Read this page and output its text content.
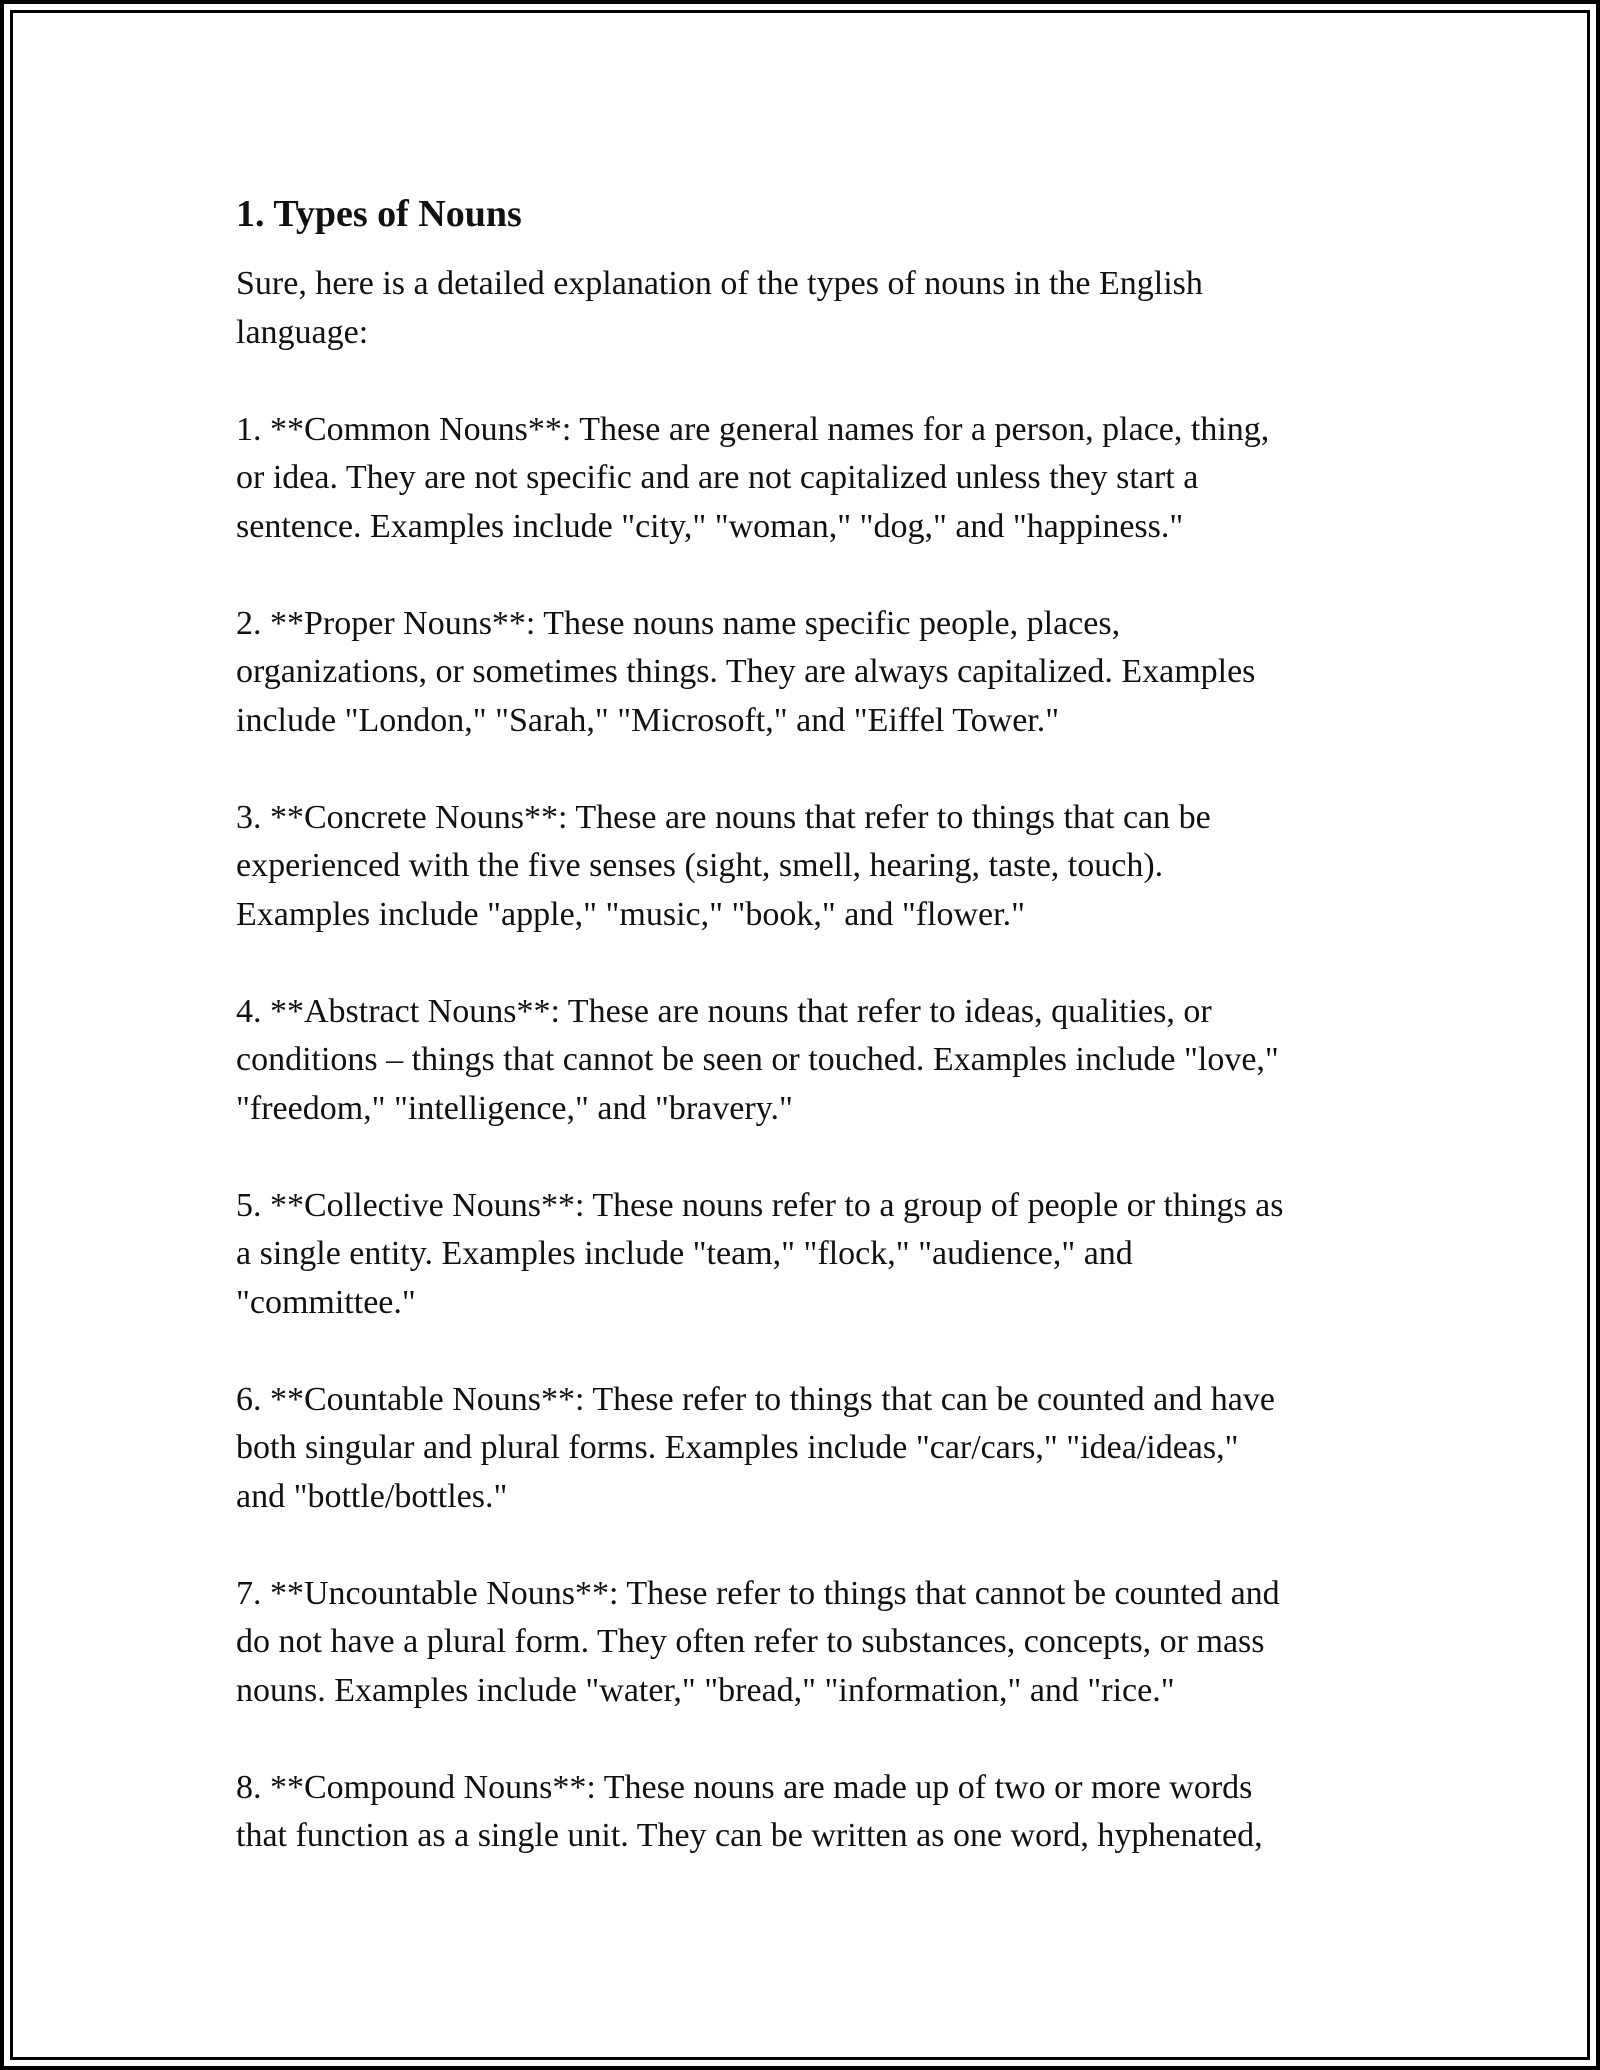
1. Types of Nouns

Sure, here is a detailed explanation of the types of nouns in the English
language:

1. **Common Nouns**: These are general names for a person, place, thing,
or idea. They are not specific and are not capitalized unless they start a
sentence. Examples include "city," "woman," "dog," and "happiness."

2. **Proper Nouns**: These nouns name specific people, places,
organizations, or sometimes things. They are always capitalized. Examples
include "London," "Sarah," "Microsoft," and "Eiffel Tower."

3. **Concrete Nouns**: These are nouns that refer to things that can be
experienced with the five senses (sight, smell, hearing, taste, touch).
Examples include "apple," "music," "book," and "flower."

4. **Abstract Nouns**: These are nouns that refer to ideas, qualities, or
conditions – things that cannot be seen or touched. Examples include "love,"
"freedom," "intelligence," and "bravery."

5. **Collective Nouns**: These nouns refer to a group of people or things as
a single entity. Examples include "team," "flock," "audience," and
"committee."

6. **Countable Nouns**: These refer to things that can be counted and have
both singular and plural forms. Examples include "car/cars," "idea/ideas,"
and "bottle/bottles."

7. **Uncountable Nouns**: These refer to things that cannot be counted and
do not have a plural form. They often refer to substances, concepts, or mass
nouns. Examples include "water," "bread," "information," and "rice."

8. **Compound Nouns**: These nouns are made up of two or more words
that function as a single unit. They can be written as one word, hyphenated,
